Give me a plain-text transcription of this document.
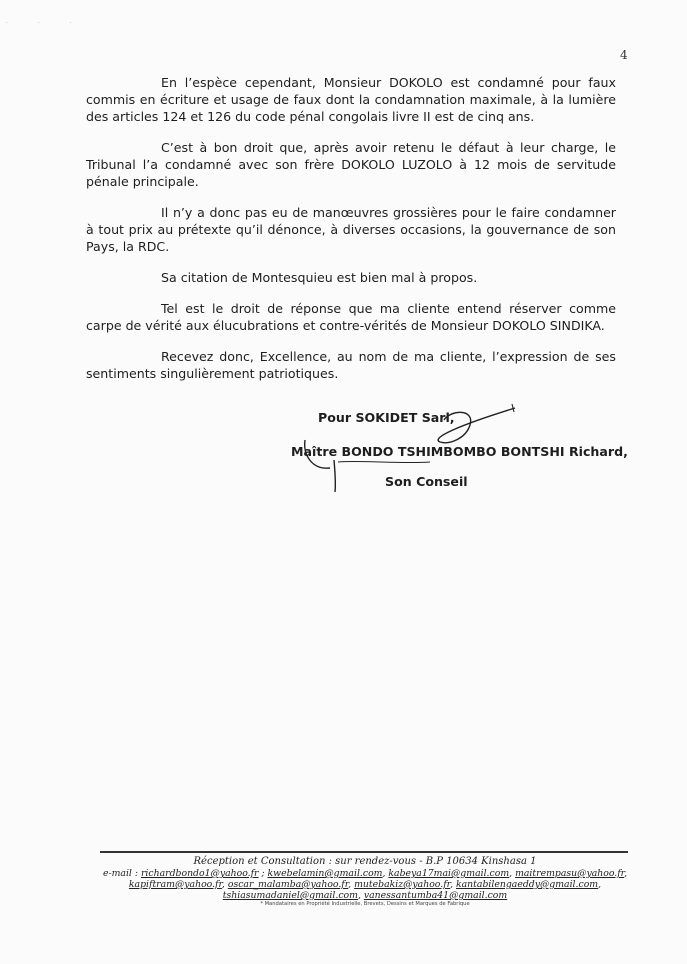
· · ·
4

En l’espèce cependant, Monsieur DOKOLO est condamné pour faux commis en écriture et usage de faux dont la condamnation maximale, à la lumière des articles 124 et 126 du code pénal congolais livre II est de cinq ans.

C’est à bon droit que, après avoir retenu le défaut à leur charge, le Tribunal l’a condamné avec son frère DOKOLO LUZOLO à 12 mois de servitude pénale principale.

Il n’y a donc pas eu de manœuvres grossières pour le faire condamner à tout prix au prétexte qu’il dénonce, à diverses occasions, la gouvernance de son Pays, la RDC.

Sa citation de Montesquieu est bien mal à propos.

Tel est le droit de réponse que ma cliente entend réserver comme carpe de vérité aux élucubrations et contre-vérités de Monsieur DOKOLO SINDIKA.

Recevez donc, Excellence, au nom de ma cliente, l’expression de ses sentiments singulièrement patriotiques.

Pour SOKIDET Sarl,
Maître BONDO TSHIMBOMBO BONTSHI Richard,
Son Conseil
Réception et Consultation : sur rendez-vous - B.P 10634 Kinshasa 1
e-mail : richardbondo1@yahoo.fr ; kwebelamin@gmail.com, kabeya17mai@gmail.com, maitrempasu@yahoo.fr, kapiftram@yahoo.fr, oscar_malamba@yahoo.fr, mutebakiz@yahoo.fr, kantabilengaeddy@gmail.com, tshiasumadaniel@gmail.com, vanessantumba41@gmail.com
* Mandataires en Propriété Industrielle, Brevets, Dessins et Marques de Fabrique
